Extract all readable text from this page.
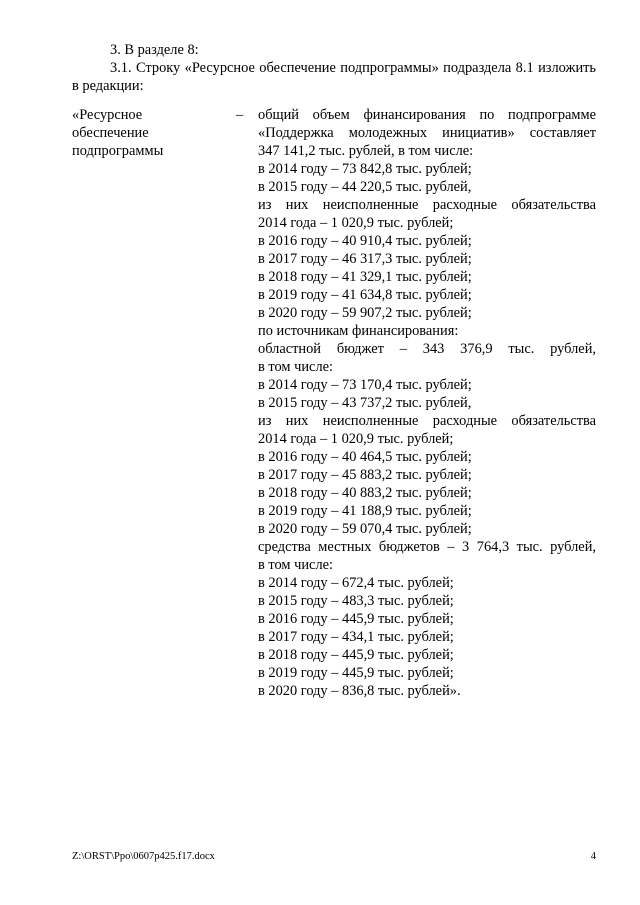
3. В разделе 8:
3.1. Строку «Ресурсное обеспечение подпрограммы» подраздела 8.1 изложить в редакции:
«Ресурсное
обеспечение
подпрограммы
– общий объем финансирования по подпрограмме
«Поддержка молодежных инициатив» составляет
347 141,2 тыс. рублей, в том числе:
в 2014 году – 73 842,8 тыс. рублей;
в 2015 году – 44 220,5 тыс. рублей,
из них неисполненные расходные обязательства
2014 года – 1 020,9 тыс. рублей;
в 2016 году – 40 910,4 тыс. рублей;
в 2017 году – 46 317,3 тыс. рублей;
в 2018 году – 41 329,1 тыс. рублей;
в 2019 году – 41 634,8 тыс. рублей;
в 2020 году – 59 907,2 тыс. рублей;
по источникам финансирования:
областной бюджет – 343 376,9 тыс. рублей,
в том числе:
в 2014 году – 73 170,4 тыс. рублей;
в 2015 году – 43 737,2 тыс. рублей,
из них неисполненные расходные обязательства
2014 года – 1 020,9 тыс. рублей;
в 2016 году – 40 464,5 тыс. рублей;
в 2017 году – 45 883,2 тыс. рублей;
в 2018 году – 40 883,2 тыс. рублей;
в 2019 году – 41 188,9 тыс. рублей;
в 2020 году – 59 070,4 тыс. рублей;
средства местных бюджетов – 3 764,3 тыс. рублей,
в том числе:
в 2014 году – 672,4 тыс. рублей;
в 2015 году – 483,3 тыс. рублей;
в 2016 году – 445,9 тыс. рублей;
в 2017 году – 434,1 тыс. рублей;
в 2018 году – 445,9 тыс. рублей;
в 2019 году – 445,9 тыс. рублей;
в 2020 году – 836,8 тыс. рублей».
Z:\ORST\Ppo\0607p425.f17.docx	4
